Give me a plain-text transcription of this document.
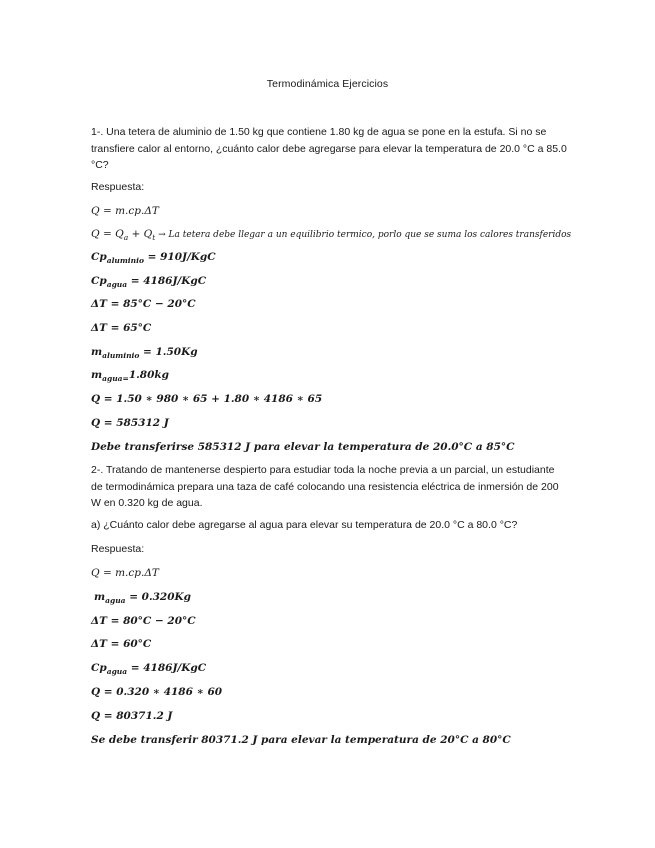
Termodinámica Ejercicios
1-. Una tetera de aluminio de 1.50 kg que contiene 1.80 kg de agua se pone en la estufa. Si no se transfiere calor al entorno, ¿cuánto calor debe agregarse para elevar la temperatura de 20.0 °C a 85.0 °C?
Respuesta:
Q = m.cp.ΔT
$Q = Q_a + Q_t \to La$ tetera debe llegar a un equilibrio termico, porlo que se suma los calores transferidos
$Cp_{aluminio} = 910J/KgC$
$Cp_{agua} = 4186J/KgC$
ΔT = 85°C − 20°C
ΔT = 65°C
$m_{aluminio} = 1.50Kg$
$m_{agua=}1.80kg$
Q = 1.50 ∗ 980 ∗ 65 + 1.80 ∗ 4186 ∗ 65
Q = 585312 J
Debe transferirse 585312 J para elevar la temperatura de 20.0°C a 85°C
2-. Tratando de mantenerse despierto para estudiar toda la noche previa a un parcial, un estudiante de termodinámica prepara una taza de café colocando una resistencia eléctrica de inmersión de 200 W en 0.320 kg de agua.
a) ¿Cuánto calor debe agregarse al agua para elevar su temperatura de 20.0 °C a 80.0 °C?
Respuesta:
Q = m.cp.ΔT
$m_{agua} = 0.320Kg$
ΔT = 80°C − 20°C
ΔT = 60°C
$Cp_{agua} = 4186J/KgC$
Q = 0.320 ∗ 4186 ∗ 60
Q = 80371.2 J
Se debe transferir 80371.2 J para elevar la temperatura de 20°C a 80°C
